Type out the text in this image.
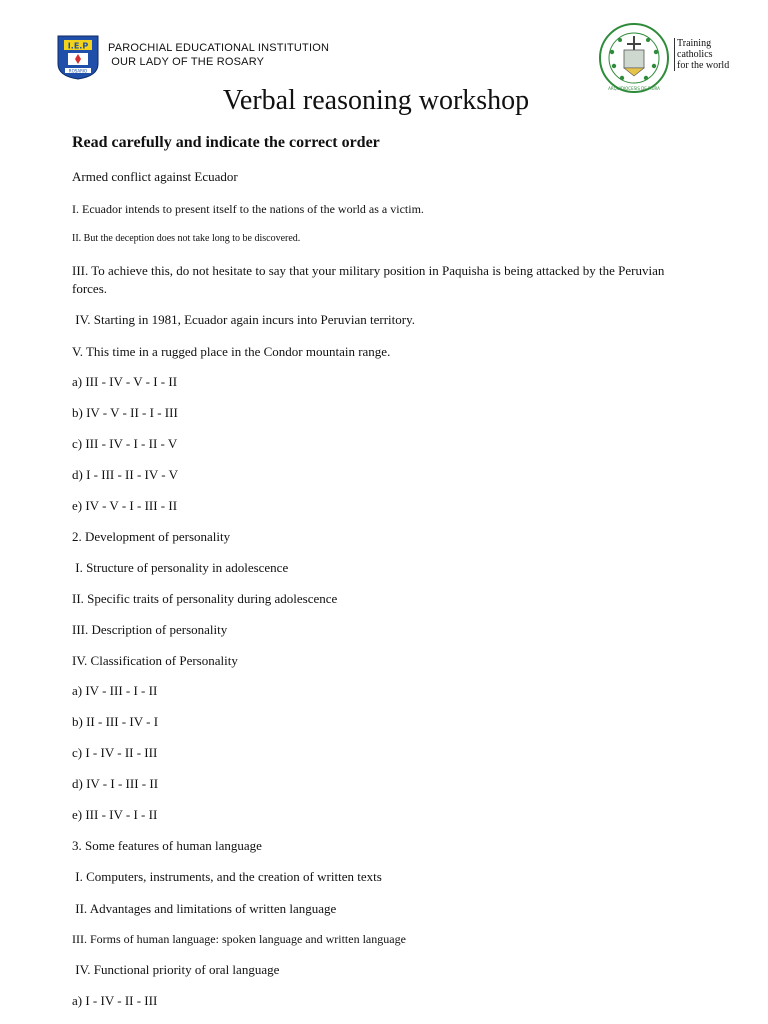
I.E.P
ROSARIO
PAROCHIAL EDUCATIONAL INSTITUTION
OUR LADY OF THE ROSARY
ARQUIDIOCESIS DE PIURA
Training
catholics
for the world
Verbal reasoning workshop
Read carefully and indicate the correct order
Armed conflict against Ecuador
I. Ecuador intends to present itself to the nations of the world as a victim.
II. But the deception does not take long to be discovered.
III. To achieve this, do not hesitate to say that your military position in Paquisha is being attacked by the Peruvian forces.
IV. Starting in 1981, Ecuador again incurs into Peruvian territory.
V. This time in a rugged place in the Condor mountain range.
a) III - IV - V - I - II
b) IV - V - II - I - III
c) III - IV - I - II - V
d) I - III - II - IV - V
e) IV - V - I - III - II
2. Development of personality
I. Structure of personality in adolescence
II. Specific traits of personality during adolescence
III. Description of personality
IV. Classification of Personality
a) IV - III - I - II
b) II - III - IV - I
c) I - IV - II - III
d) IV - I - III - II
e) III - IV - I - II
3. Some features of human language
I. Computers, instruments, and the creation of written texts
II. Advantages and limitations of written language
III. Forms of human language: spoken language and written language
IV. Functional priority of oral language
a) I - IV - II - III
